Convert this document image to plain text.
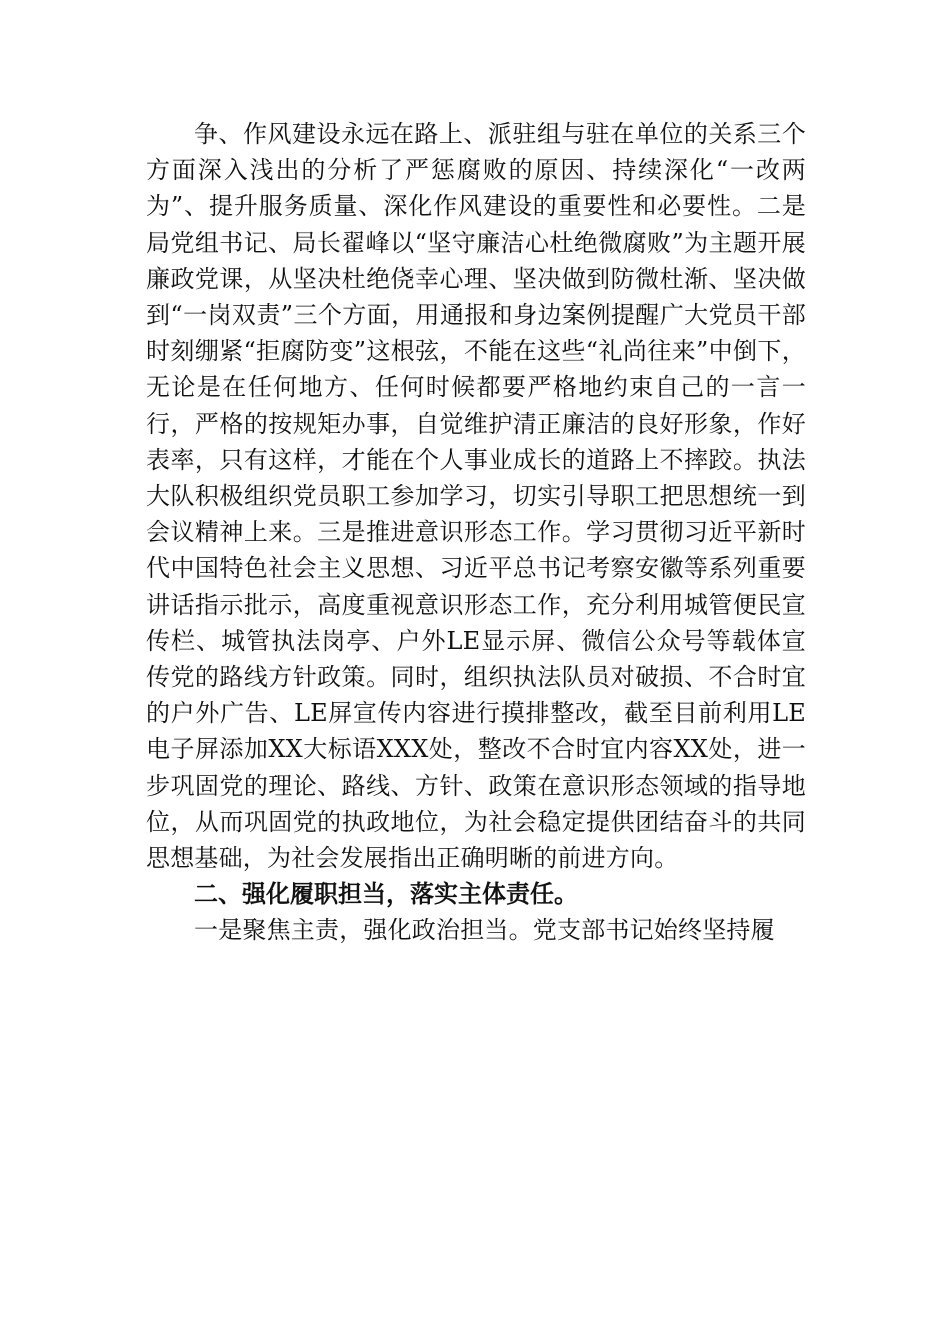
争、作风建设永远在路上、派驻组与驻在单位的关系三个方面深入浅出的分析了严惩腐败的原因、持续深化“一改两为”、提升服务质量、深化作风建设的重要性和必要性。二是局党组书记、局长翟峰以“坚守廉洁心杜绝微腐败”为主题开展廉政党课，从坚决杜绝侥幸心理、坚决做到防微杜渐、坚决做到“一岗双责”三个方面，用通报和身边案例提醒广大党员干部时刻绷紧“拒腐防变”这根弦，不能在这些“礼尚往来”中倒下，无论是在任何地方、任何时候都要严格地约束自己的一言一行，严格的按规矩办事，自觉维护清正廉洁的良好形象，作好表率，只有这样，才能在个人事业成长的道路上不摔跤。执法大队积极组织党员职工参加学习，切实引导职工把思想统一到会议精神上来。三是推进意识形态工作。学习贯彻习近平新时代中国特色社会主义思想、习近平总书记考察安徽等系列重要讲话指示批示，高度重视意识形态工作，充分利用城管便民宣传栏、城管执法岗亭、户外LE显示屏、微信公众号等载体宣传党的路线方针政策。同时，组织执法队员对破损、不合时宜的户外广告、LE屏宣传内容进行摸排整改，截至目前利用LE电子屏添加XX大标语XXX处，整改不合时宜内容XX处，进一步巩固党的理论、路线、方针、政策在意识形态领域的指导地位，从而巩固党的执政地位，为社会稳定提供团结奋斗的共同思想基础，为社会发展指出正确明晰的前进方向。

二、强化履职担当，落实主体责任。

一是聚焦主责，强化政治担当。党支部书记始终坚持履
